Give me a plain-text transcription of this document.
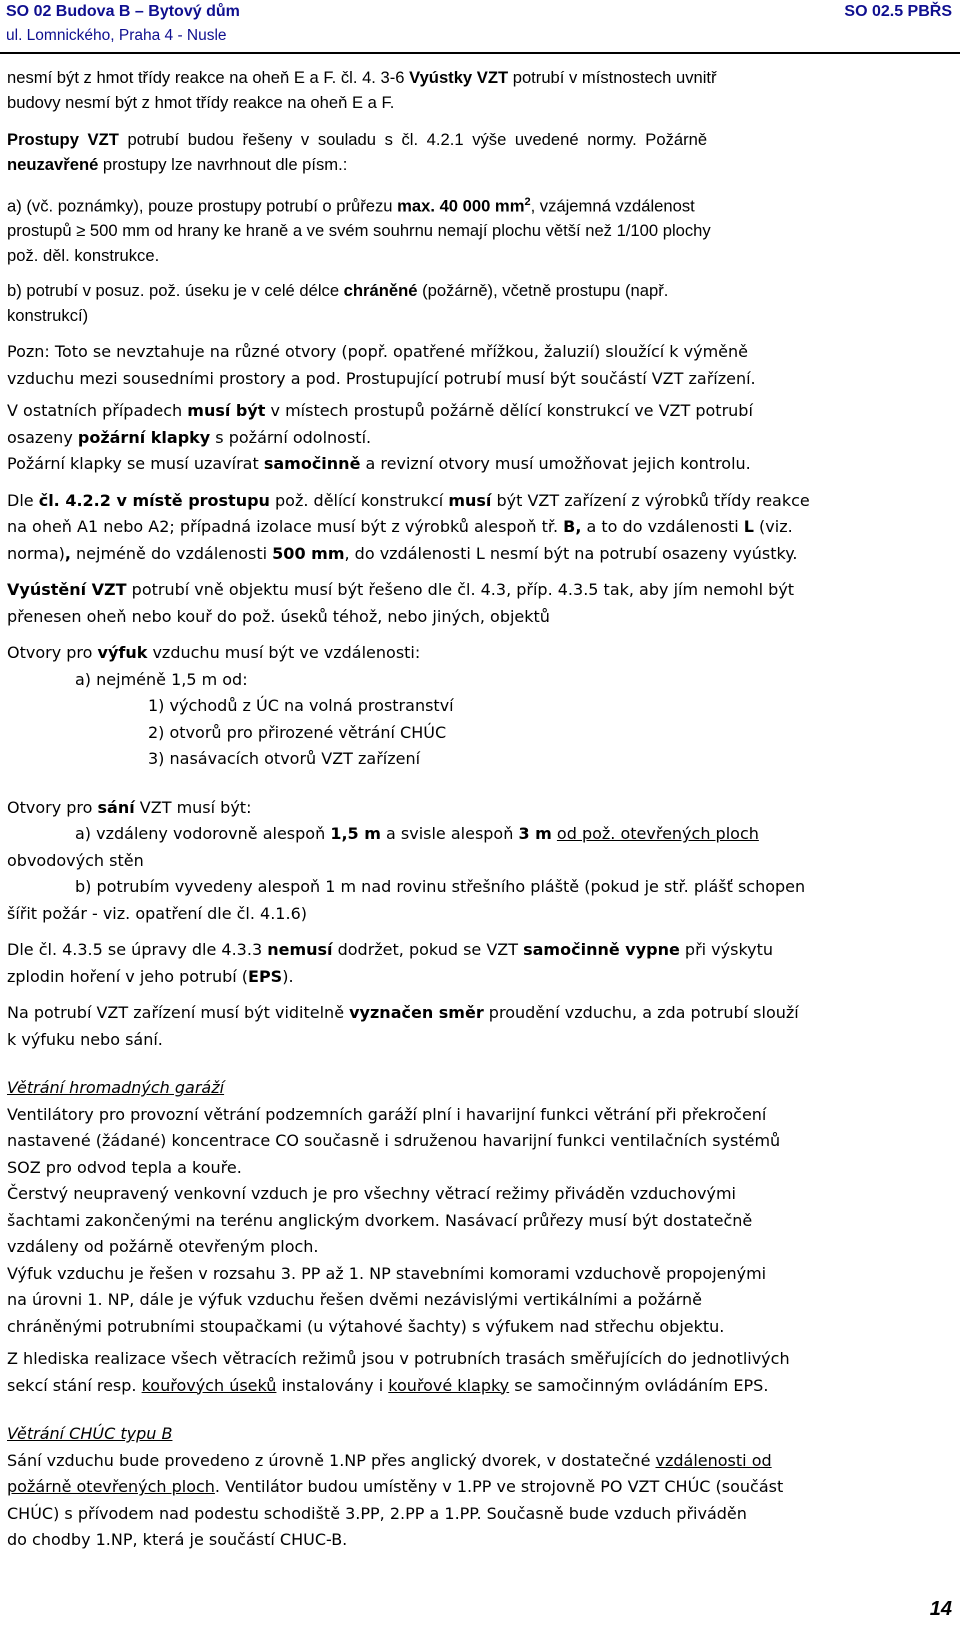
SO 02 Budova B – Bytový dům
ul. Lomnického, Praha 4 - Nusle
SO 02.5 PBŘS

nesmí být z hmot třídy reakce na oheň E a F. čl. 4. 3-6 Vyústky VZT potrubí v místnostech uvnitř

budovy nesmí být z hmot třídy reakce na oheň E a F.

Prostupy VZT potrubí budou řešeny v souladu s čl. 4.2.1 výše uvedené normy. Požárně

neuzavřené prostupy lze navrhnout dle písm.:

a) (vč. poznámky), pouze prostupy potrubí o průřezu max. 40 000 $mm^2$, vzájemná vzdálenost

prostupů ≥ 500 mm od hrany ke hraně a ve svém souhrnu nemají plochu větší než 1/100 plochy

pož. děl. konstrukce.

b) potrubí v posuz. pož. úseku je v celé délce chráněné (požárně), včetně prostupu (např.

konstrukcí)

Pozn: Toto se nevztahuje na různé otvory (popř. opatřené mřížkou, žaluzií) sloužící k výměně

vzduchu mezi sousedními prostory a pod. Prostupující potrubí musí být součástí VZT zařízení.

V ostatních případech musí být v místech prostupů požárně dělící konstrukcí ve VZT potrubí

osazeny požární klapky s požární odolností.

Požární klapky se musí uzavírat samočinně a revizní otvory musí umožňovat jejich kontrolu.

Dle čl. 4.2.2 v místě prostupu pož. dělící konstrukcí musí být VZT zařízení z výrobků třídy reakce

na oheň A1 nebo A2; případná izolace musí být z výrobků alespoň tř. B, a to do vzdálenosti L (viz.

norma), nejméně do vzdálenosti 500 mm, do vzdálenosti L nesmí být na potrubí osazeny vyústky.

Vyústění VZT potrubí vně objektu musí být řešeno dle čl. 4.3, příp. 4.3.5 tak, aby jím nemohl být

přenesen oheň nebo kouř do pož. úseků téhož, nebo jiných, objektů

Otvory pro výfuk vzduchu musí být ve vzdálenosti:

a) nejméně 1,5 m od:

1) východů z ÚC na volná prostranství

2) otvorů pro přirozené větrání CHÚC

3) nasávacích otvorů VZT zařízení

Otvory pro sání VZT musí být:

a) vzdáleny vodorovně alespoň 1,5 m a svisle alespoň 3 m od pož. otevřených ploch

obvodových stěn

b) potrubím vyvedeny alespoň 1 m nad rovinu střešního pláště (pokud je stř. plášť schopen

šířit požár - viz. opatření dle čl. 4.1.6)

Dle čl. 4.3.5 se úpravy dle 4.3.3 nemusí dodržet, pokud se VZT samočinně vypne při výskytu

zplodin hoření v jeho potrubí (EPS).

Na potrubí VZT zařízení musí být viditelně vyznačen směr proudění vzduchu, a zda potrubí slouží

k výfuku nebo sání.

Větrání hromadných garáží

Ventilátory pro provozní větrání podzemních garáží plní i havarijní funkci větrání při překročení

nastavené (žádané) koncentrace CO současně i sdruženou havarijní funkci ventilačních systémů

SOZ pro odvod tepla a kouře.

Čerstvý neupravený venkovní vzduch je pro všechny větrací režimy přiváděn vzduchovými

šachtami zakončenými na terénu anglickým dvorkem. Nasávací průřezy musí být dostatečně

vzdáleny od požárně otevřeným ploch.

Výfuk vzduchu je řešen v rozsahu 3. PP až 1. NP stavebními komorami vzduchově propojenými

na úrovni 1. NP, dále je výfuk vzduchu řešen dvěmi nezávislými vertikálními a požárně

chráněnými potrubními stoupačkami (u výtahové šachty) s výfukem nad střechu objektu.

Z hlediska realizace všech větracích režimů jsou v potrubních trasách směřujících do jednotlivých

sekcí stání resp. kouřových úseků instalovány i kouřové klapky se samočinným ovládáním EPS.

Větrání CHÚC typu B

Sání vzduchu bude provedeno z úrovně 1.NP přes anglický dvorek, v dostatečné vzdálenosti od

požárně otevřených ploch. Ventilátor budou umístěny v 1.PP ve strojovně PO VZT CHÚC (součást

CHÚC) s přívodem nad podestu schodiště 3.PP, 2.PP a 1.PP. Současně bude vzduch přiváděn

do chodby 1.NP, která je součástí CHUC-B.

14
